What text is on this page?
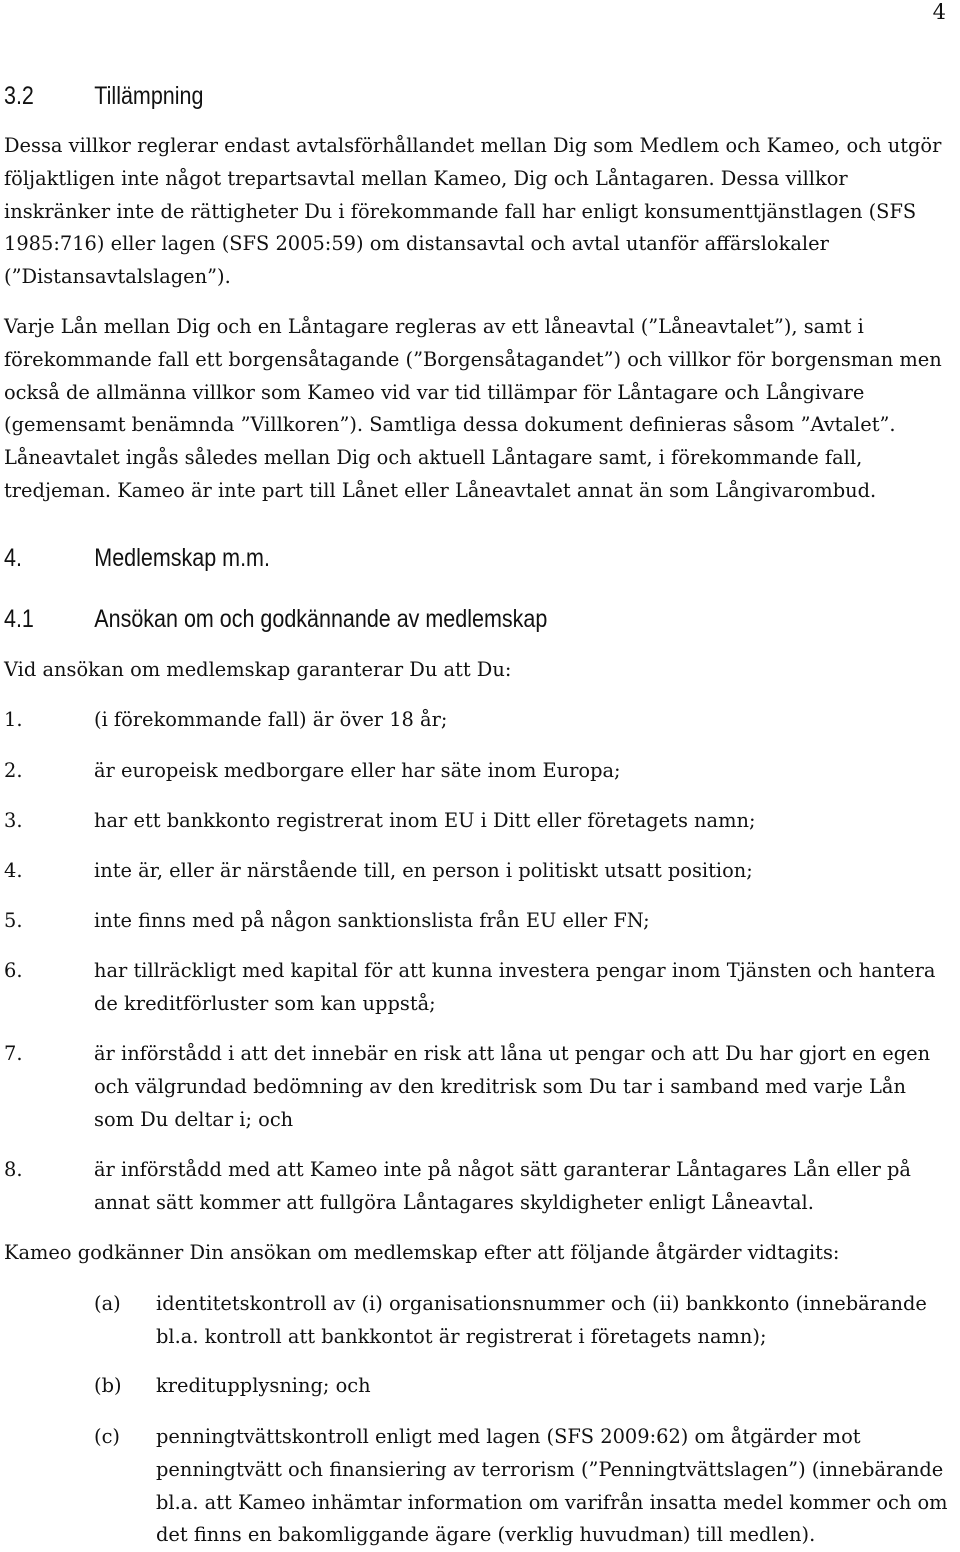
4
3.2 Tillämpning

Dessa villkor reglerar endast avtalsförhållandet mellan Dig som Medlem och Kameo, och utgör följaktligen inte något trepartsavtal mellan Kameo, Dig och Låntagaren. Dessa villkor inskränker inte de rättigheter Du i förekommande fall har enligt konsumenttjänstlagen (SFS 1985:716) eller lagen (SFS 2005:59) om distansavtal och avtal utanför affärslokaler (”Distansavtalslagen”).

Varje Lån mellan Dig och en Låntagare regleras av ett låneavtal (”Låneavtalet”), samt i förekommande fall ett borgensåtagande (”Borgensåtagandet”) och villkor för borgensman men också de allmänna villkor som Kameo vid var tid tillämpar för Låntagare och Långivare (gemensamt benämnda ”Villkoren”). Samtliga dessa dokument definieras såsom ”Avtalet”. Låneavtalet ingås således mellan Dig och aktuell Låntagare samt, i förekommande fall, tredjeman. Kameo är inte part till Lånet eller Låneavtalet annat än som Långivarombud.

4.	Medlemskap m.m.
4.1 Ansökan om och godkännande av medlemskap

Vid ansökan om medlemskap garanterar Du att Du:

1.	(i förekommande fall) är över 18 år;
2.	är europeisk medborgare eller har säte inom Europa;
3.	har ett bankkonto registrerat inom EU i Ditt eller företagets namn;
4.	inte är, eller är närstående till, en person i politiskt utsatt position;
5.	inte finns med på någon sanktionslista från EU eller FN;
6.	har tillräckligt med kapital för att kunna investera pengar inom Tjänsten och hantera de kreditförluster som kan uppstå;
7.	är införstådd i att det innebär en risk att låna ut pengar och att Du har gjort en egen och välgrundad bedömning av den kreditrisk som Du tar i samband med varje Lån som Du deltar i; och
8.	är införstådd med att Kameo inte på något sätt garanterar Låntagares Lån eller på annat sätt kommer att fullgöra Låntagares skyldigheter enligt Låneavtal.

Kameo godkänner Din ansökan om medlemskap efter att följande åtgärder vidtagits:

(a) identitetskontroll av (i) organisationsnummer och (ii) bankkonto (innebärande bl.a. kontroll att bankkontot är registrerat i företagets namn);
(b) kreditupplysning; och
(c) penningtvättskontroll enligt med lagen (SFS 2009:62) om åtgärder mot penningtvätt och finansiering av terrorism (”Penningtvättslagen”) (innebärande bl.a. att Kameo inhämtar information om varifrån insatta medel kommer och om det finns en bakomliggande ägare (verklig huvudman) till medlen).
